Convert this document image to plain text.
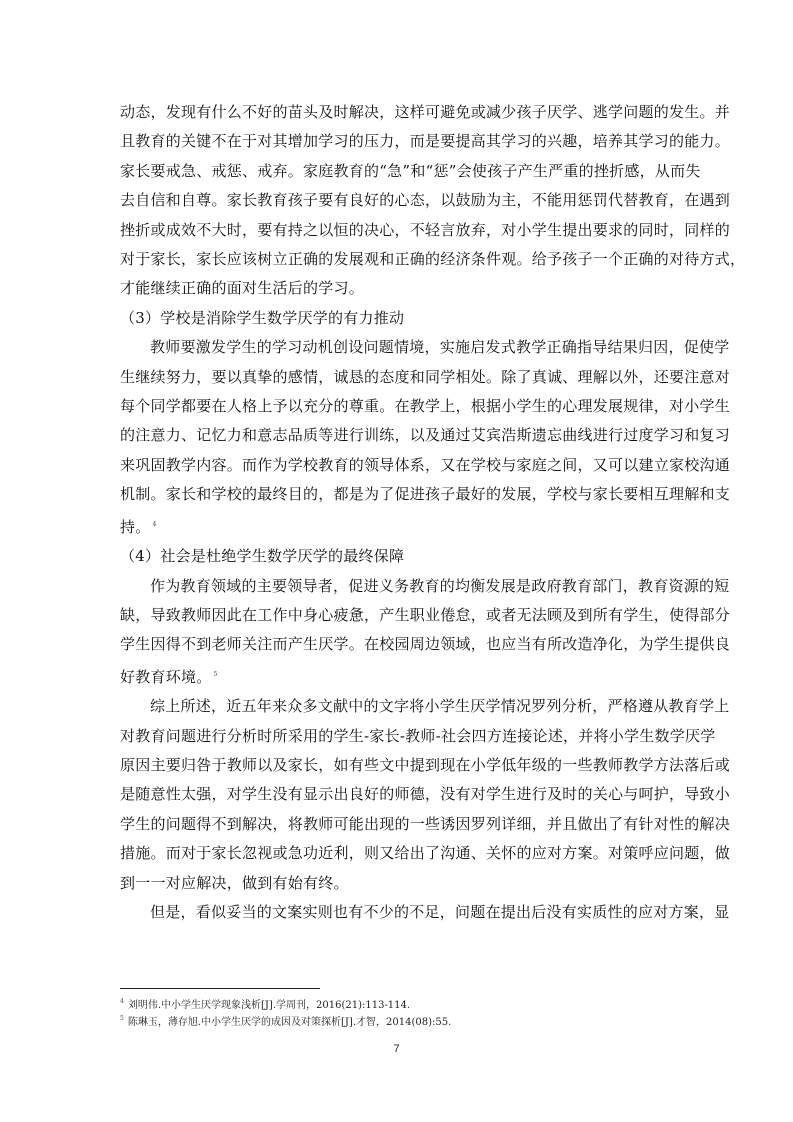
动态，发现有什么不好的苗头及时解决，这样可避免或减少孩子厌学、逃学问题的发生。并
且教育的关键不在于对其增加学习的压力，而是要提高其学习的兴趣，培养其学习的能力。
家长要戒急、戒惩、戒弃。家庭教育的“急”和“惩”会使孩子产生严重的挫折感，从而失
去自信和自尊。家长教育孩子要有良好的心态，以鼓励为主，不能用惩罚代替教育，在遇到
挫折或成效不大时，要有持之以恒的决心，不轻言放弃，对小学生提出要求的同时，同样的
对于家长，家长应该树立正确的发展观和正确的经济条件观。给予孩子一个正确的对待方式，
才能继续正确的面对生活后的学习。
（3）学校是消除学生数学厌学的有力推动
教师要激发学生的学习动机创设问题情境，实施启发式教学正确指导结果归因，促使学
生继续努力，要以真挚的感情，诚恳的态度和同学相处。除了真诚、理解以外，还要注意对
每个同学都要在人格上予以充分的尊重。在教学上，根据小学生的心理发展规律，对小学生
的注意力、记忆力和意志品质等进行训练，以及通过艾宾浩斯遗忘曲线进行过度学习和复习
来巩固教学内容。而作为学校教育的领导体系，又在学校与家庭之间，又可以建立家校沟通
机制。家长和学校的最终目的，都是为了促进孩子最好的发展，学校与家长要相互理解和支
持。 $^4$
（4）社会是杜绝学生数学厌学的最终保障
作为教育领域的主要领导者，促进义务教育的均衡发展是政府教育部门，教育资源的短
缺，导致教师因此在工作中身心疲惫，产生职业倦怠，或者无法顾及到所有学生，使得部分
学生因得不到老师关注而产生厌学。在校园周边领域，也应当有所改造净化，为学生提供良
好教育环境。 $^5$
综上所述，近五年来众多文献中的文字将小学生厌学情况罗列分析，严格遵从教育学上
对教育问题进行分析时所采用的学生-家长-教师-社会四方连接论述，并将小学生数学厌学
原因主要归咎于教师以及家长，如有些文中提到现在小学低年级的一些教师教学方法落后或
是随意性太强，对学生没有显示出良好的师德，没有对学生进行及时的关心与呵护，导致小
学生的问题得不到解决，将教师可能出现的一些诱因罗列详细，并且做出了有针对性的解决
措施。而对于家长忽视或急功近利，则又给出了沟通、关怀的应对方案。对策呼应问题，做
到一一对应解决，做到有始有终。
但是，看似妥当的文案实则也有不少的不足，问题在提出后没有实质性的应对方案，显
$^4$ 刘明伟.中小学生厌学现象浅析[J].学周刊，2016(21):113-114.
$^5$ 陈琳玉，薄存旭.中小学生厌学的成因及对策探析[J].才智，2014(08):55.
7
